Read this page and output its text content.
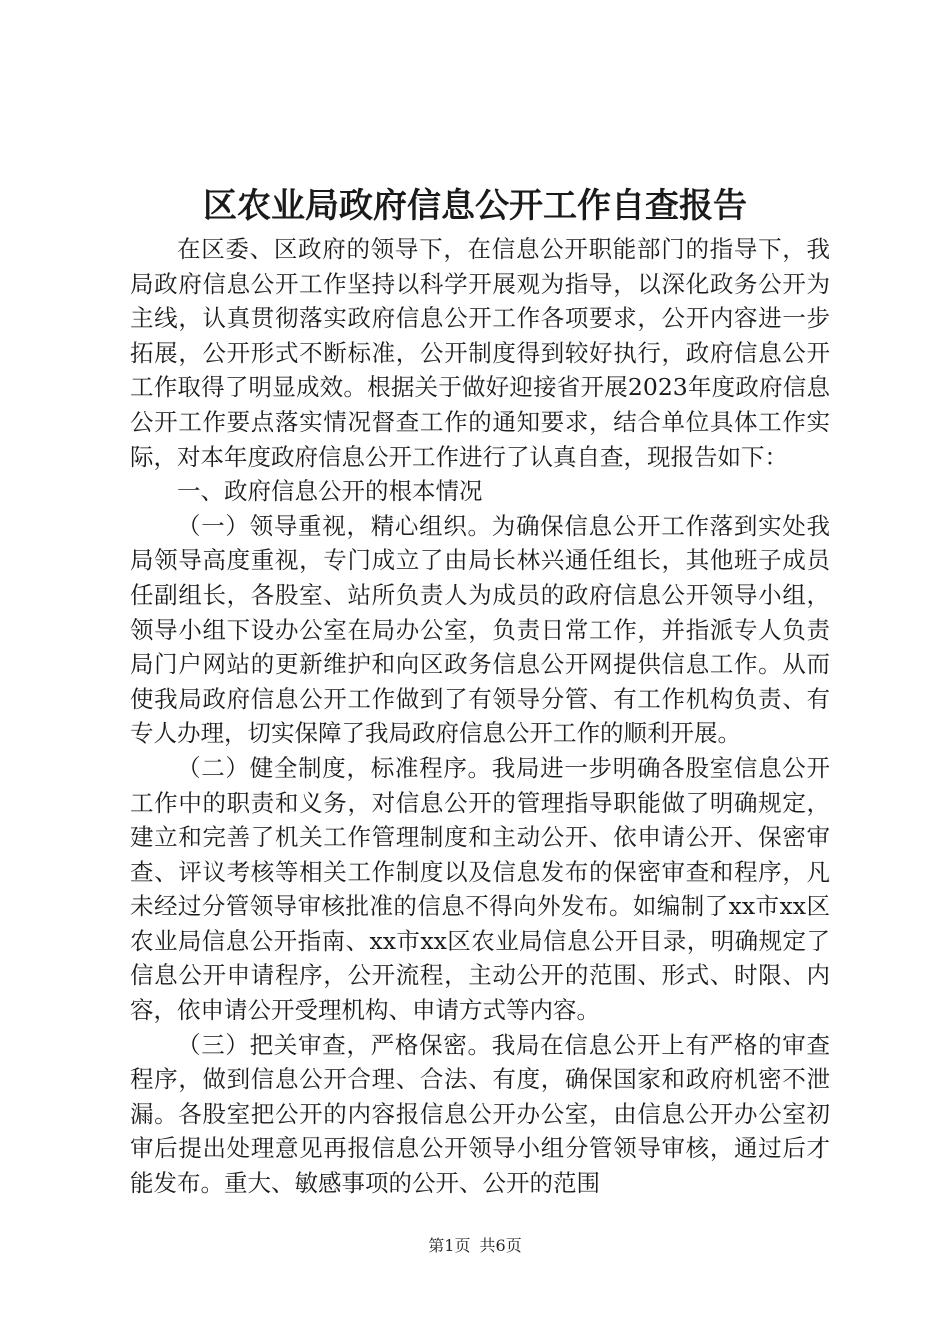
区农业局政府信息公开工作自查报告

在区委、区政府的领导下，在信息公开职能部门的指导下，我局政府信息公开工作坚持以科学开展观为指导，以深化政务公开为主线，认真贯彻落实政府信息公开工作各项要求，公开内容进一步拓展，公开形式不断标准，公开制度得到较好执行，政府信息公开工作取得了明显成效。根据关于做好迎接省开展2023年度政府信息公开工作要点落实情况督查工作的通知要求，结合单位具体工作实际，对本年度政府信息公开工作进行了认真自查，现报告如下：

一、政府信息公开的根本情况

（一）领导重视，精心组织。为确保信息公开工作落到实处我局领导高度重视，专门成立了由局长林兴通任组长，其他班子成员任副组长，各股室、站所负责人为成员的政府信息公开领导小组，领导小组下设办公室在局办公室，负责日常工作，并指派专人负责局门户网站的更新维护和向区政务信息公开网提供信息工作。从而使我局政府信息公开工作做到了有领导分管、有工作机构负责、有专人办理，切实保障了我局政府信息公开工作的顺利开展。

（二）健全制度，标准程序。我局进一步明确各股室信息公开工作中的职责和义务，对信息公开的管理指导职能做了明确规定，建立和完善了机关工作管理制度和主动公开、依申请公开、保密审查、评议考核等相关工作制度以及信息发布的保密审查和程序，凡未经过分管领导审核批准的信息不得向外发布。如编制了xx市xx区农业局信息公开指南、xx市xx区农业局信息公开目录，明确规定了信息公开申请程序，公开流程，主动公开的范围、形式、时限、内容，依申请公开受理机构、申请方式等内容。

（三）把关审查，严格保密。我局在信息公开上有严格的审查程序，做到信息公开合理、合法、有度，确保国家和政府机密不泄漏。各股室把公开的内容报信息公开办公室，由信息公开办公室初审后提出处理意见再报信息公开领导小组分管领导审核，通过后才能发布。重大、敏感事项的公开、公开的范围

第1页 共6页
